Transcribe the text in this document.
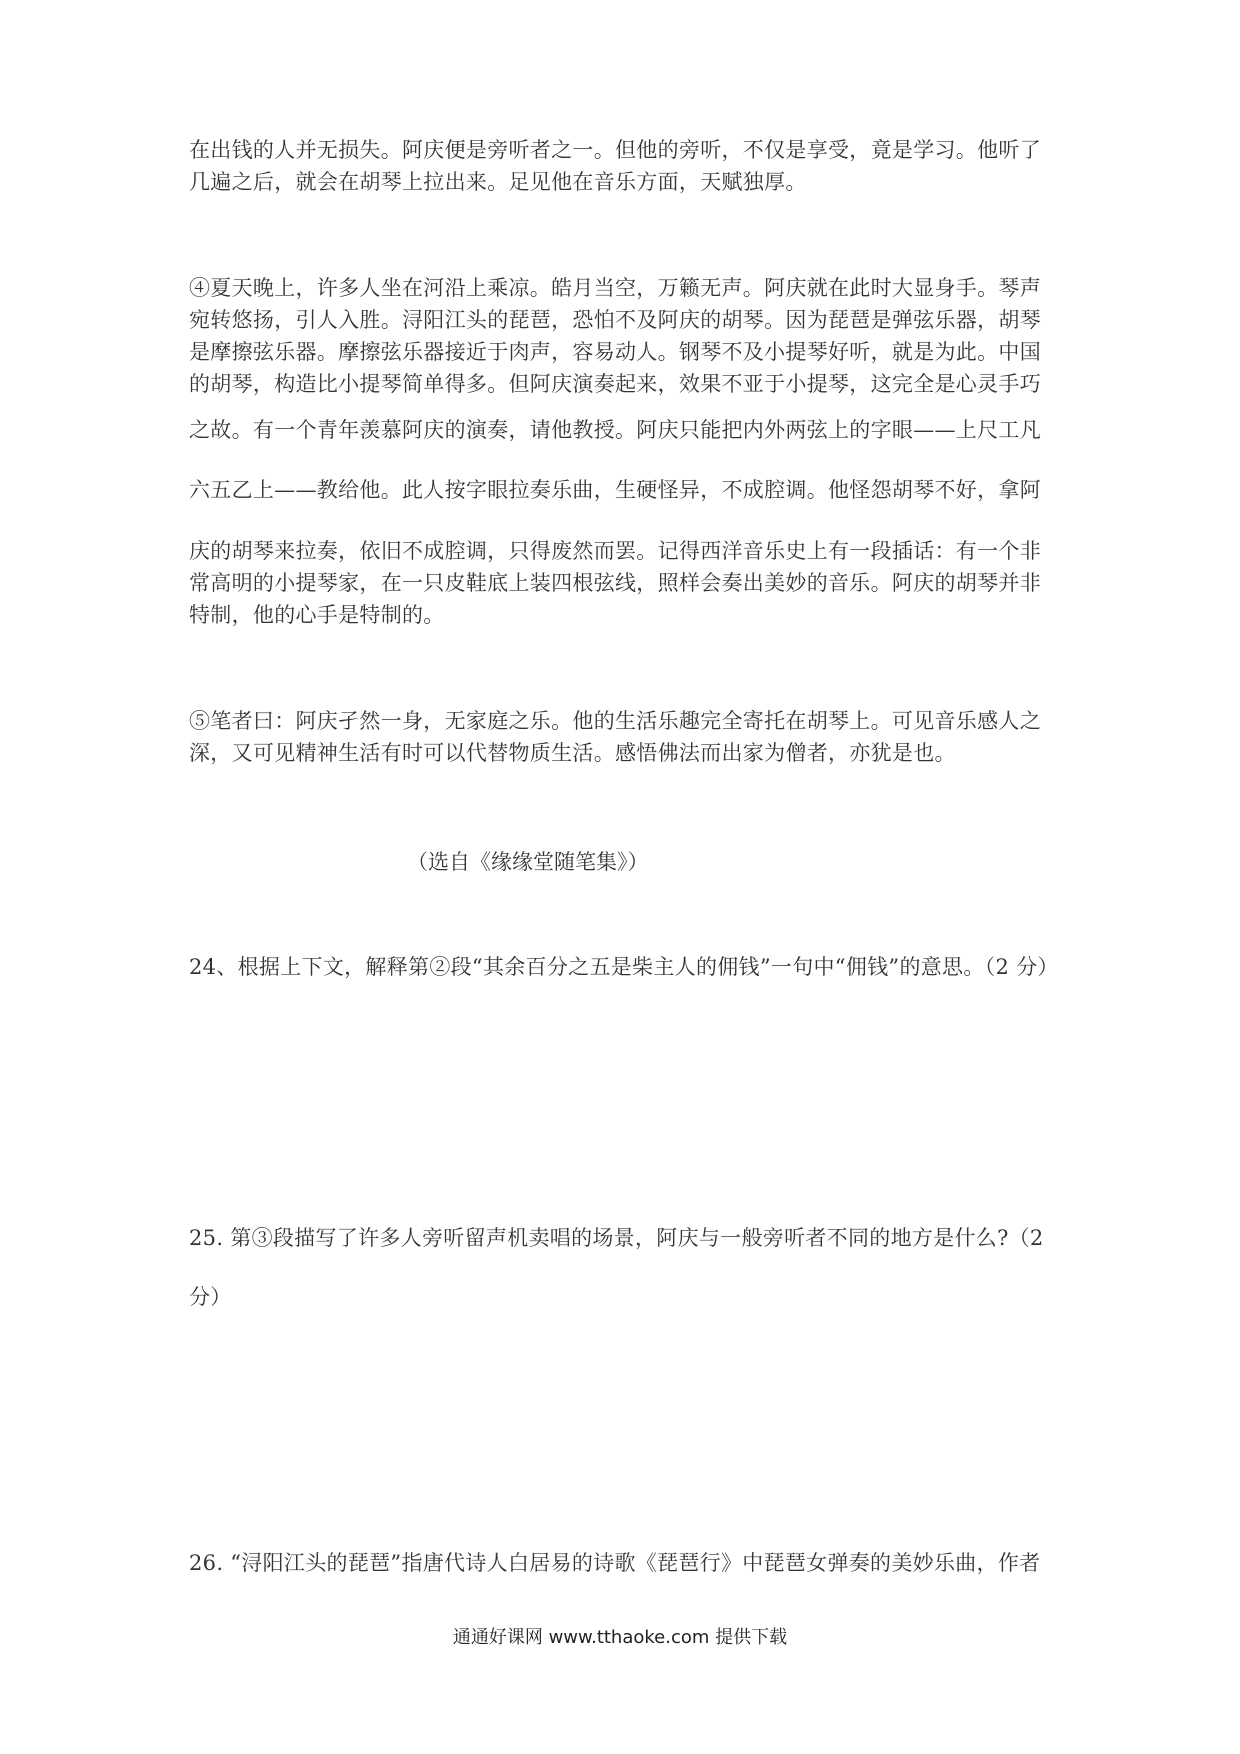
在出钱的人并无损失。阿庆便是旁听者之一。但他的旁听，不仅是享受，竟是学习。他听了
几遍之后，就会在胡琴上拉出来。足见他在音乐方面，天赋独厚。
④夏天晚上，许多人坐在河沿上乘凉。皓月当空，万籁无声。阿庆就在此时大显身手。琴声
宛转悠扬，引人入胜。浔阳江头的琵琶，恐怕不及阿庆的胡琴。因为琵琶是弹弦乐器，胡琴
是摩擦弦乐器。摩擦弦乐器接近于肉声，容易动人。钢琴不及小提琴好听，就是为此。中国
的胡琴，构造比小提琴简单得多。但阿庆演奏起来，效果不亚于小提琴，这完全是心灵手巧
之故。有一个青年羡慕阿庆的演奏，请他教授。阿庆只能把内外两弦上的字眼——上尺工凡
六五乙上——教给他。此人按字眼拉奏乐曲，生硬怪异，不成腔调。他怪怨胡琴不好，拿阿
庆的胡琴来拉奏，依旧不成腔调，只得废然而罢。记得西洋音乐史上有一段插话：有一个非
常高明的小提琴家，在一只皮鞋底上装四根弦线，照样会奏出美妙的音乐。阿庆的胡琴并非
特制，他的心手是特制的。
⑤笔者曰：阿庆孑然一身，无家庭之乐。他的生活乐趣完全寄托在胡琴上。可见音乐感人之
深，又可见精神生活有时可以代替物质生活。感悟佛法而出家为僧者，亦犹是也。
（选自《缘缘堂随笔集》）
24、根据上下文，解释第②段“其余百分之五是柴主人的佣钱”一句中“佣钱”的意思。（2 分）
25. 第③段描写了许多人旁听留声机卖唱的场景，阿庆与一般旁听者不同的地方是什么?（2
分）
26. “浔阳江头的琵琶”指唐代诗人白居易的诗歌《琵琶行》中琵琶女弹奏的美妙乐曲，作者
通通好课网 www.tthaoke.com 提供下载
